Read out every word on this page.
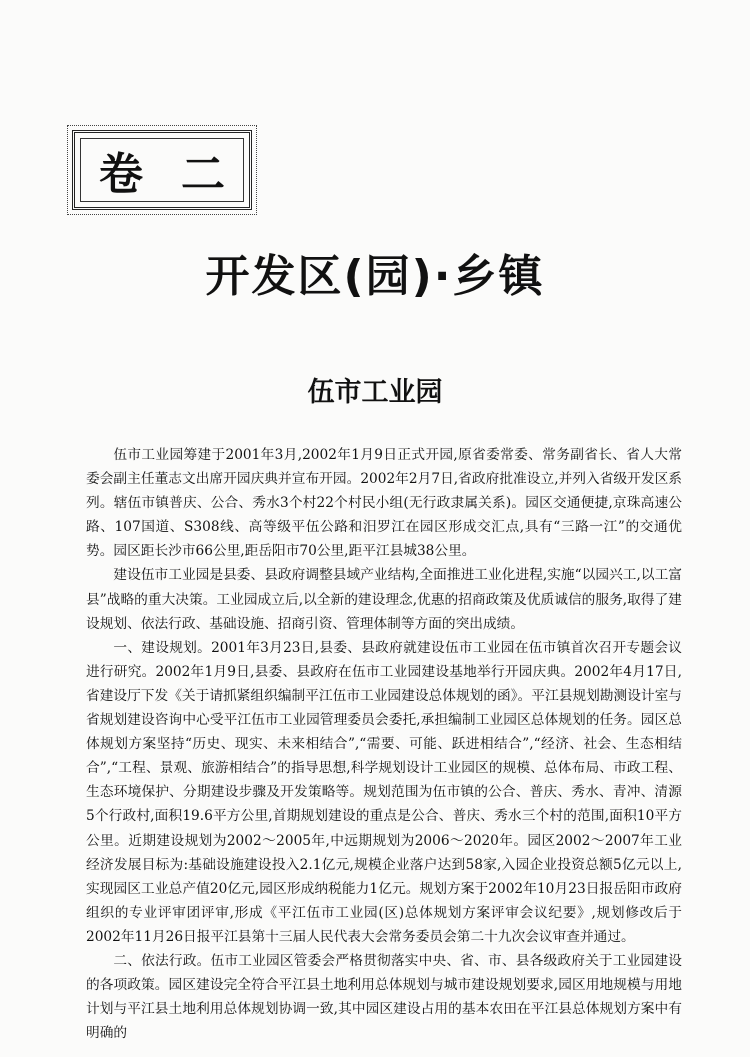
卷二
开发区(园)·乡镇
伍市工业园

伍市工业园筹建于2001年3月,2002年1月9日正式开园,原省委常委、常务副省长、省人大常委会副主任董志文出席开园庆典并宣布开园。2002年2月7日,省政府批准设立,并列入省级开发区系列。辖伍市镇普庆、公合、秀水3个村22个村民小组(无行政隶属关系)。园区交通便捷,京珠高速公路、107国道、S308线、高等级平伍公路和汨罗江在园区形成交汇点,具有“三路一江”的交通优势。园区距长沙市66公里,距岳阳市70公里,距平江县城38公里。

建设伍市工业园是县委、县政府调整县域产业结构,全面推进工业化进程,实施“以园兴工,以工富县”战略的重大决策。工业园成立后,以全新的建设理念,优惠的招商政策及优质诚信的服务,取得了建设规划、依法行政、基础设施、招商引资、管理体制等方面的突出成绩。

一、建设规划。2001年3月23日,县委、县政府就建设伍市工业园在伍市镇首次召开专题会议进行研究。2002年1月9日,县委、县政府在伍市工业园建设基地举行开园庆典。2002年4月17日,省建设厅下发《关于请抓紧组织编制平江伍市工业园建设总体规划的函》。平江县规划勘测设计室与省规划建设咨询中心受平江伍市工业园管理委员会委托,承担编制工业园区总体规划的任务。园区总体规划方案坚持“历史、现实、未来相结合”,“需要、可能、跃进相结合”,“经济、社会、生态相结合”,“工程、景观、旅游相结合”的指导思想,科学规划设计工业园区的规模、总体布局、市政工程、生态环境保护、分期建设步骤及开发策略等。规划范围为伍市镇的公合、普庆、秀水、青冲、清源5个行政村,面积19.6平方公里,首期规划建设的重点是公合、普庆、秀水三个村的范围,面积10平方公里。近期建设规划为2002～2005年,中远期规划为2006～2020年。园区2002～2007年工业经济发展目标为:基础设施建设投入2.1亿元,规模企业落户达到58家,入园企业投资总额5亿元以上,实现园区工业总产值20亿元,园区形成纳税能力1亿元。规划方案于2002年10月23日报岳阳市政府组织的专业评审团评审,形成《平江伍市工业园(区)总体规划方案评审会议纪要》,规划修改后于2002年11月26日报平江县第十三届人民代表大会常务委员会第二十九次会议审查并通过。

二、依法行政。伍市工业园区管委会严格贯彻落实中央、省、市、县各级政府关于工业园建设的各项政策。园区建设完全符合平江县土地利用总体规划与城市建设规划要求,园区用地规模与用地计划与平江县土地利用总体规划协调一致,其中园区建设占用的基本农田在平江县总体规划方案中有明确的
